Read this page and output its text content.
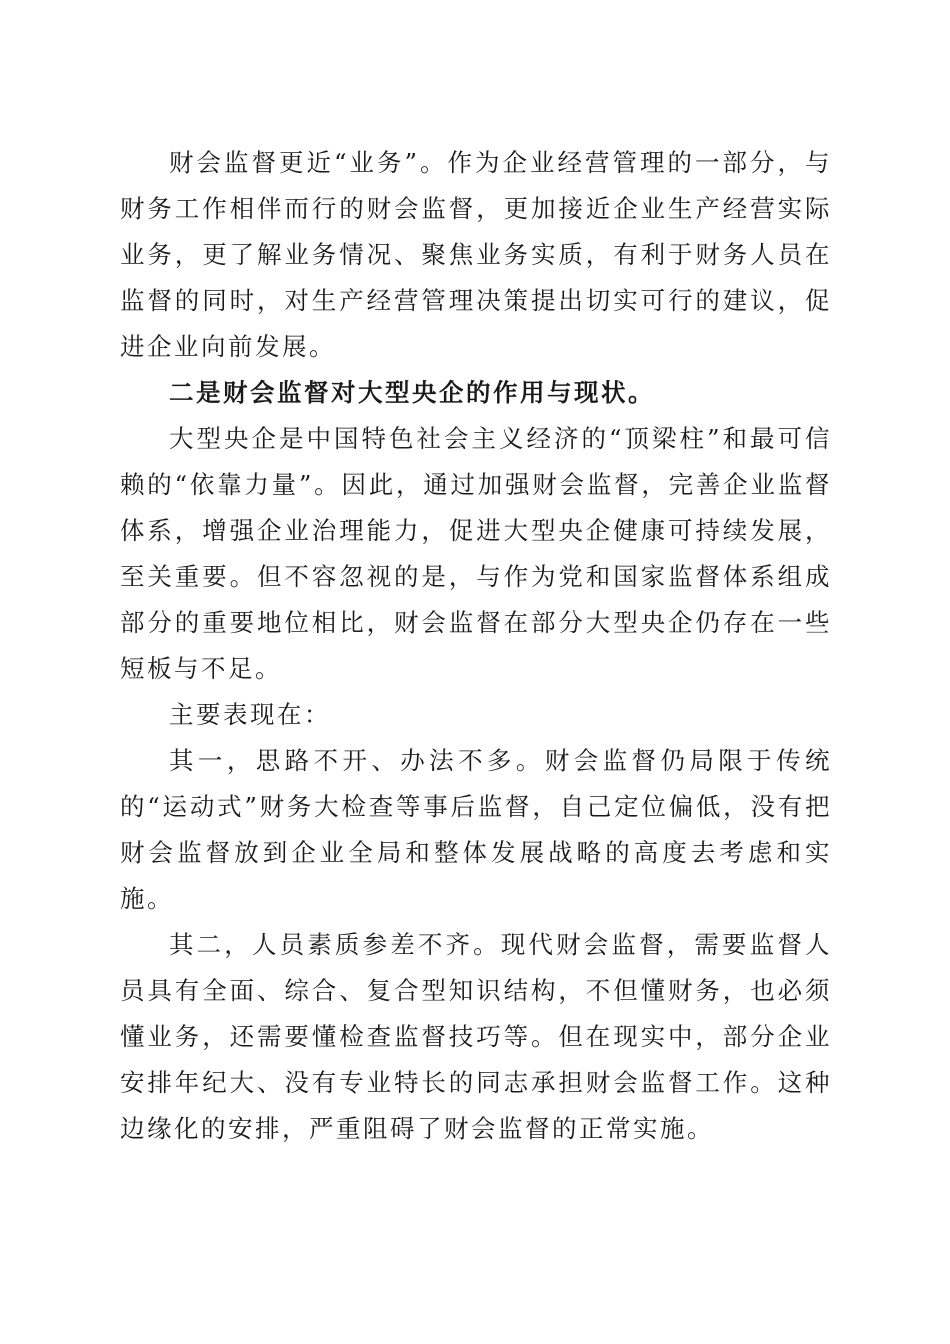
财会监督更近“业务”。作为企业经营管理的一部分，与财务工作相伴而行的财会监督，更加接近企业生产经营实际业务，更了解业务情况、聚焦业务实质，有利于财务人员在监督的同时，对生产经营管理决策提出切实可行的建议，促进企业向前发展。

二是财会监督对大型央企的作用与现状。

大型央企是中国特色社会主义经济的“顶梁柱”和最可信赖的“依靠力量”。因此，通过加强财会监督，完善企业监督体系，增强企业治理能力，促进大型央企健康可持续发展，至关重要。但不容忽视的是，与作为党和国家监督体系组成部分的重要地位相比，财会监督在部分大型央企仍存在一些短板与不足。

主要表现在：

其一，思路不开、办法不多。财会监督仍局限于传统的“运动式”财务大检查等事后监督，自己定位偏低，没有把财会监督放到企业全局和整体发展战略的高度去考虑和实施。

其二，人员素质参差不齐。现代财会监督，需要监督人员具有全面、综合、复合型知识结构，不但懂财务，也必须懂业务，还需要懂检查监督技巧等。但在现实中，部分企业安排年纪大、没有专业特长的同志承担财会监督工作。这种边缘化的安排，严重阻碍了财会监督的正常实施。
